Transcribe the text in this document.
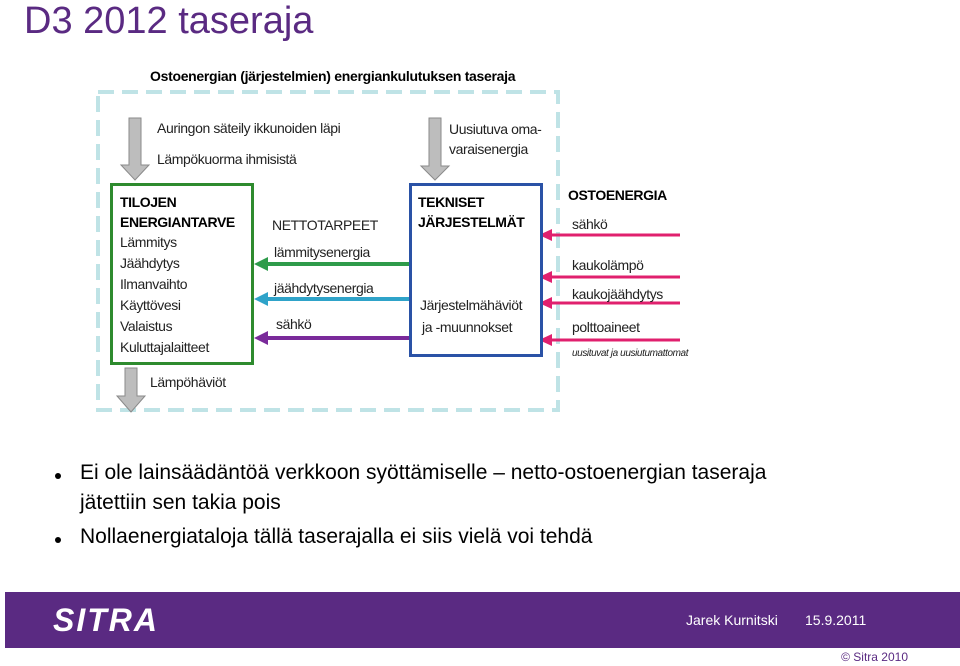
D3 2012 taseraja
Ostoenergian (järjestelmien) energiankulutuksen taseraja
Auringon säteily ikkunoiden läpi
Lämpökuorma ihmisistä
Uusiutuva oma-
varaisenergia
TILOJEN
ENERGIANTARVE
Lämmitys
Jäähdytys
Ilmanvaihto
Käyttövesi
Valaistus
Kuluttajalaitteet
NETTOTARPEET
lämmitysenergia
jäähdytysenergia
sähkö
TEKNISET
JÄRJESTELMÄT
Järjestelmähäviöt
ja -muunnokset
OSTOENERGIA
sähkö
kaukolämpö
kaukojäähdytys
polttoaineet
uusituvat ja uusiutumattomat
Lämpöhäviöt
Ei ole lainsäädäntöä verkkoon syöttämiselle – netto-ostoenergian taseraja
jätettiin sen takia pois
Nollaenergiataloja tällä taserajalla ei siis vielä voi tehdä
SITRA	Jarek Kurnitski 15.9.2011
© Sitra 2010
